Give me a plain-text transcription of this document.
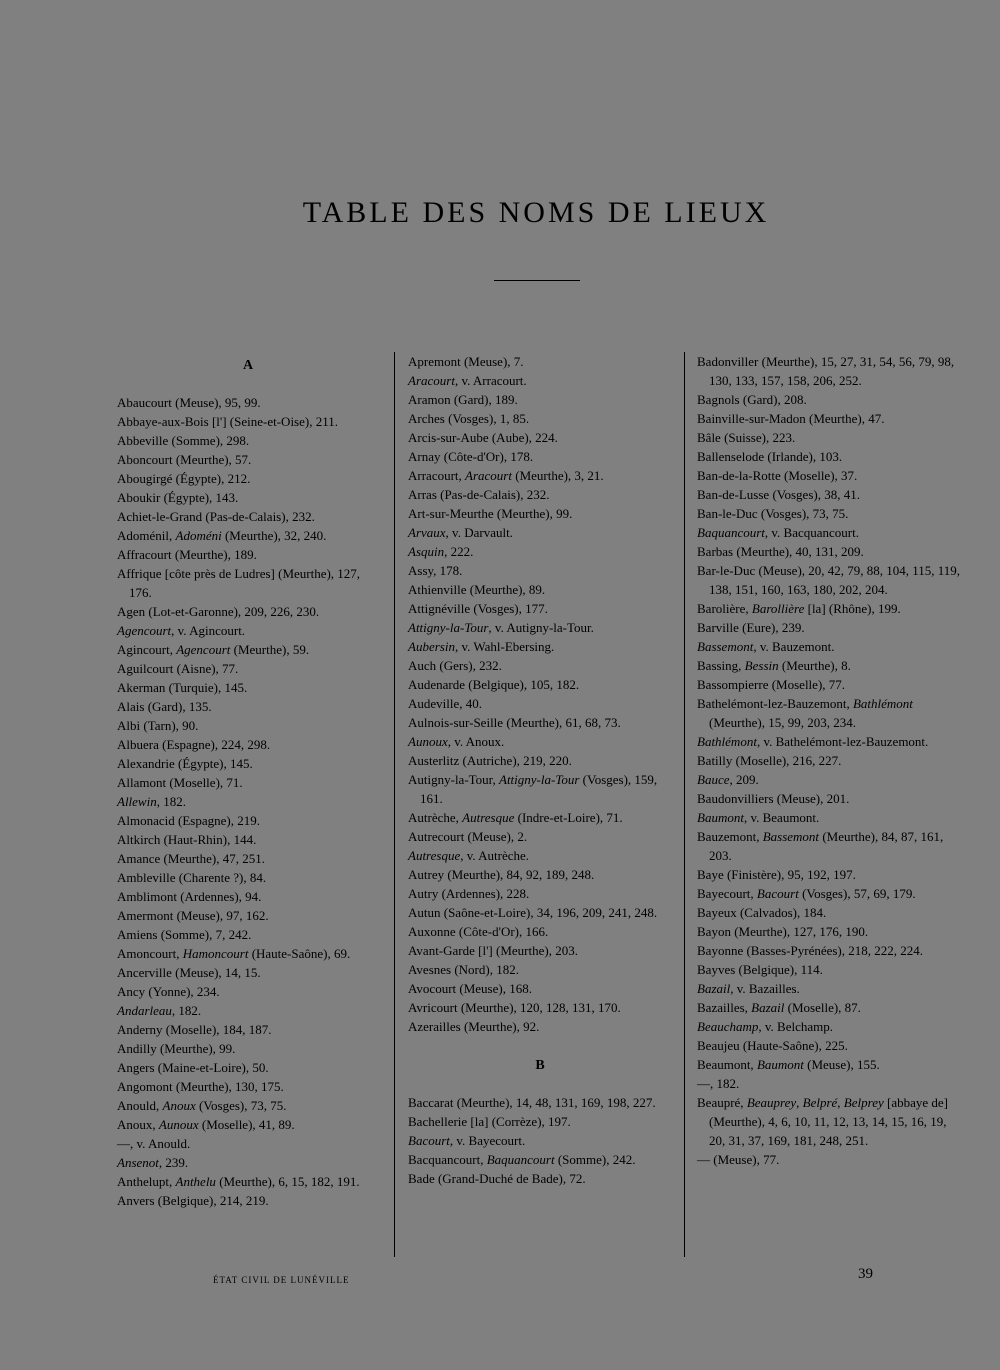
TABLE DES NOMS DE LIEUX
A
Abaucourt (Meuse), 95, 99.
Abbaye-aux-Bois [l'] (Seine-et-Oise), 211.
Abbeville (Somme), 298.
Aboncourt (Meurthe), 57.
Abougirgé (Égypte), 212.
Aboukir (Égypte), 143.
Achiet-le-Grand (Pas-de-Calais), 232.
Adoménil, Adoméni (Meurthe), 32, 240.
Affracourt (Meurthe), 189.
Affrique [côte près de Ludres] (Meurthe), 127, 176.
Agen (Lot-et-Garonne), 209, 226, 230.
Agencourt, v. Agincourt.
Agincourt, Agencourt (Meurthe), 59.
Aguilcourt (Aisne), 77.
Akerman (Turquie), 145.
Alais (Gard), 135.
Albi (Tarn), 90.
Albuera (Espagne), 224, 298.
Alexandrie (Égypte), 145.
Allamont (Moselle), 71.
Allewin, 182.
Almonacid (Espagne), 219.
Altkirch (Haut-Rhin), 144.
Amance (Meurthe), 47, 251.
Ambleville (Charente ?), 84.
Amblimont (Ardennes), 94.
Amermont (Meuse), 97, 162.
Amiens (Somme), 7, 242.
Amoncourt, Hamoncourt (Haute-Saône), 69.
Ancerville (Meuse), 14, 15.
Ancy (Yonne), 234.
Andarleau, 182.
Anderny (Moselle), 184, 187.
Andilly (Meurthe), 99.
Angers (Maine-et-Loire), 50.
Angomont (Meurthe), 130, 175.
Anould, Anoux (Vosges), 73, 75.
Anoux, Aunoux (Moselle), 41, 89.
—, v. Anould.
Ansenot, 239.
Anthelupt, Anthelu (Meurthe), 6, 15, 182, 191.
Anvers (Belgique), 214, 219.
Apremont (Meuse), 7.
Aracourt, v. Arracourt.
Aramon (Gard), 189.
Arches (Vosges), 1, 85.
Arcis-sur-Aube (Aube), 224.
Arnay (Côte-d'Or), 178.
Arracourt, Aracourt (Meurthe), 3, 21.
Arras (Pas-de-Calais), 232.
Art-sur-Meurthe (Meurthe), 99.
Arvaux, v. Darvault.
Asquin, 222.
Assy, 178.
Athienville (Meurthe), 89.
Attignéville (Vosges), 177.
Attigny-la-Tour, v. Autigny-la-Tour.
Aubersin, v. Wahl-Ebersing.
Auch (Gers), 232.
Audenarde (Belgique), 105, 182.
Audeville, 40.
Aulnois-sur-Seille (Meurthe), 61, 68, 73.
Aunoux, v. Anoux.
Austerlitz (Autriche), 219, 220.
Autigny-la-Tour, Attigny-la-Tour (Vosges), 159, 161.
Autrèche, Autresque (Indre-et-Loire), 71.
Autrecourt (Meuse), 2.
Autresque, v. Autrèche.
Autrey (Meurthe), 84, 92, 189, 248.
Autry (Ardennes), 228.
Autun (Saône-et-Loire), 34, 196, 209, 241, 248.
Auxonne (Côte-d'Or), 166.
Avant-Garde [l'] (Meurthe), 203.
Avesnes (Nord), 182.
Avocourt (Meuse), 168.
Avricourt (Meurthe), 120, 128, 131, 170.
Azerailles (Meurthe), 92.
B
Baccarat (Meurthe), 14, 48, 131, 169, 198, 227.
Bachellerie [la] (Corrèze), 197.
Bacourt, v. Bayecourt.
Bacquancourt, Baquancourt (Somme), 242.
Bade (Grand-Duché de Bade), 72.
Badonviller (Meurthe), 15, 27, 31, 54, 56, 79, 98, 130, 133, 157, 158, 206, 252.
Bagnols (Gard), 208.
Bainville-sur-Madon (Meurthe), 47.
Bâle (Suisse), 223.
Ballenselode (Irlande), 103.
Ban-de-la-Rotte (Moselle), 37.
Ban-de-Lusse (Vosges), 38, 41.
Ban-le-Duc (Vosges), 73, 75.
Baquancourt, v. Bacquancourt.
Barbas (Meurthe), 40, 131, 209.
Bar-le-Duc (Meuse), 20, 42, 79, 88, 104, 115, 119, 138, 151, 160, 163, 180, 202, 204.
Barolière, Barollière [la] (Rhône), 199.
Barville (Eure), 239.
Bassemont, v. Bauzemont.
Bassing, Bessin (Meurthe), 8.
Bassompierre (Moselle), 77.
Bathelémont-lez-Bauzemont, Bathlémont (Meurthe), 15, 99, 203, 234.
Bathlémont, v. Bathelémont-lez-Bauzemont.
Batilly (Moselle), 216, 227.
Bauce, 209.
Baudonvilliers (Meuse), 201.
Baumont, v. Beaumont.
Bauzemont, Bassemont (Meurthe), 84, 87, 161, 203.
Baye (Finistère), 95, 192, 197.
Bayecourt, Bacourt (Vosges), 57, 69, 179.
Bayeux (Calvados), 184.
Bayon (Meurthe), 127, 176, 190.
Bayonne (Basses-Pyrénées), 218, 222, 224.
Bayves (Belgique), 114.
Bazail, v. Bazailles.
Bazailles, Bazail (Moselle), 87.
Beauchamp, v. Belchamp.
Beaujeu (Haute-Saône), 225.
Beaumont, Baumont (Meuse), 155.
—, 182.
Beaupré, Beauprey, Belpré, Belprey [abbaye de] (Meurthe), 4, 6, 10, 11, 12, 13, 14, 15, 16, 19, 20, 31, 37, 169, 181, 248, 251.
— (Meuse), 77.
ÉTAT CIVIL DE LUNÉVILLE	39
